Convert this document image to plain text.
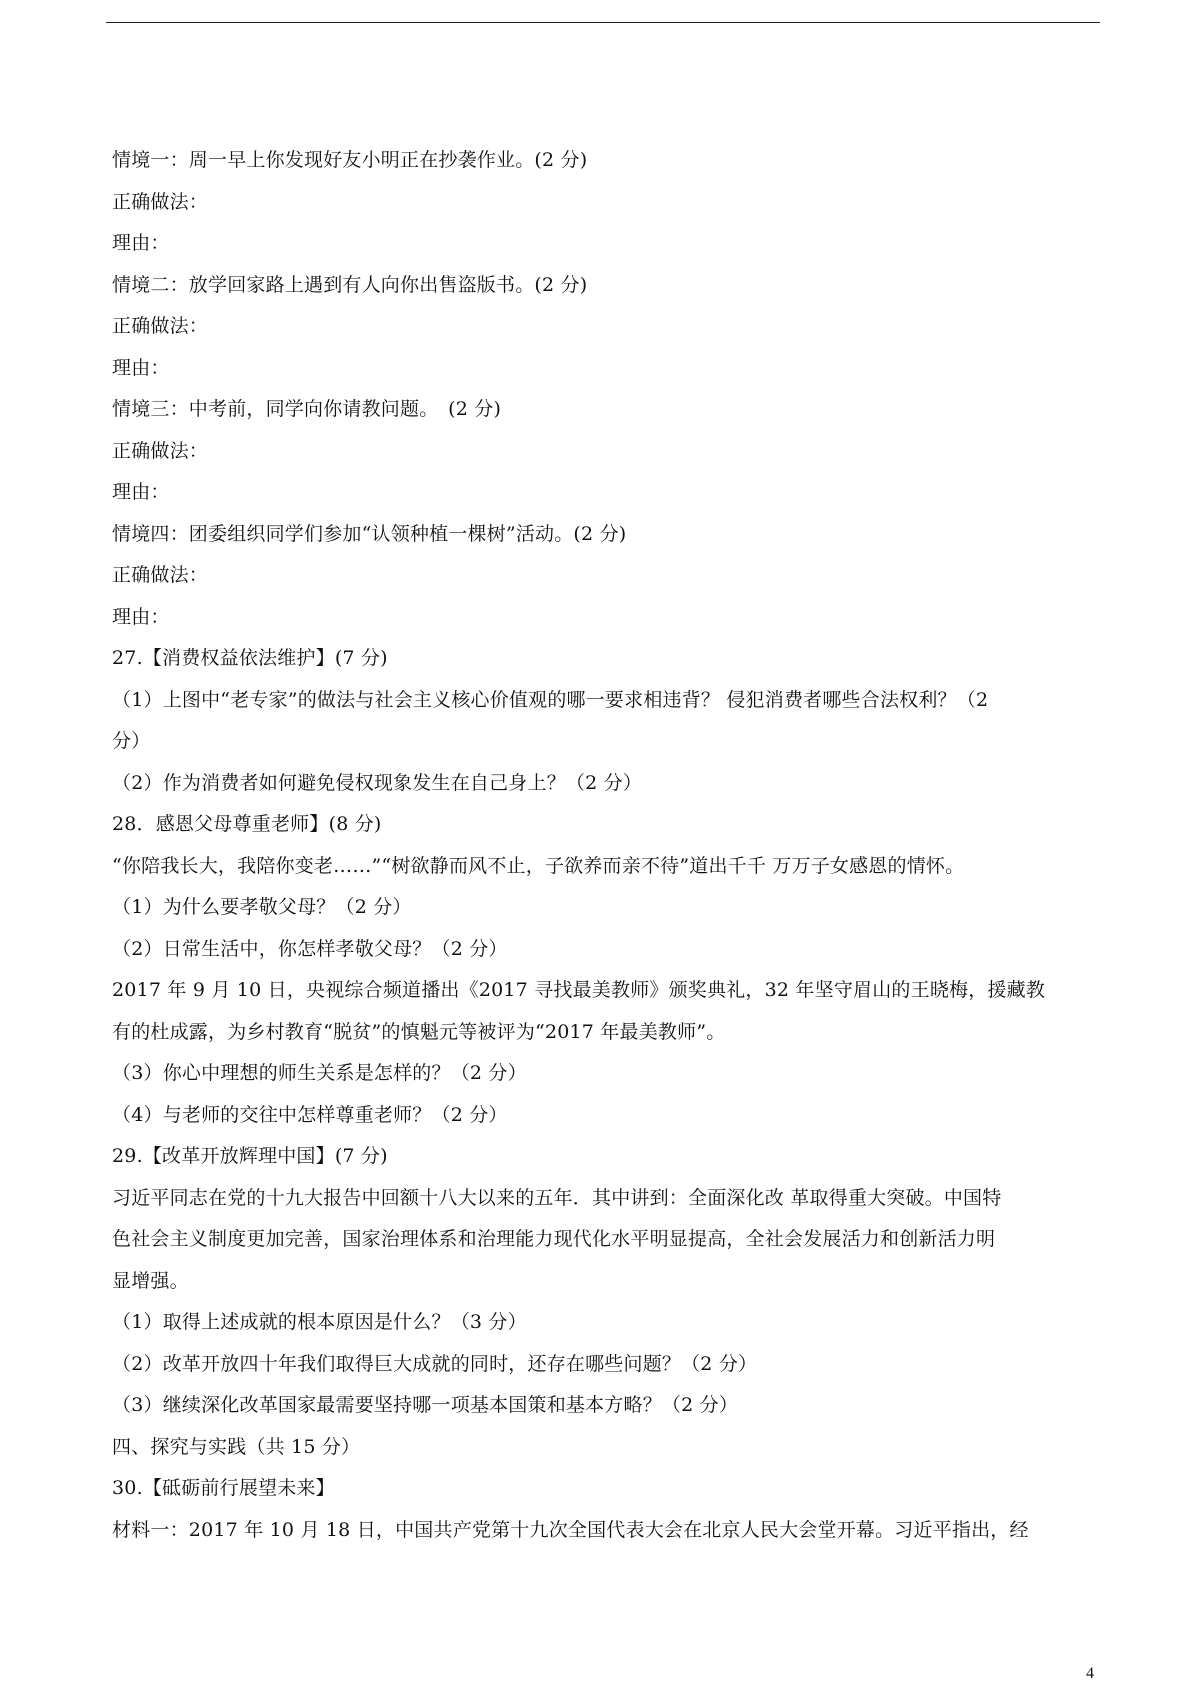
情境一：周一早上你发现好友小明正在抄袭作业。(2 分)
正确做法：
理由：
情境二：放学回家路上遇到有人向你出售盗版书。(2 分)
正确做法：
理由：
情境三：中考前，同学向你请教问题。　(2 分)
正确做法：
理由：
情境四：团委组织同学们参加“认领种植一棵树”活动。(2 分)
正确做法：
理由：
27.【消费权益依法维护】(7 分)
（1）上图中“老专家”的做法与社会主义核心价值观的哪一要求相违背？ 侵犯消费者哪些合法权利？（2
分）
（2）作为消费者如何避免侵权现象发生在自己身上？（2 分）
28．感恩父母尊重老师】(8 分)
“你陪我长大，我陪你变老……”“树欲静而风不止，子欲养而亲不待”道出千千 万万子女感恩的情怀。
（1）为什么要孝敬父母？（2 分）
（2）日常生活中，你怎样孝敬父母？（2 分）
2017 年 9 月 10 日，央视综合频道播出《2017 寻找最美教师》颁奖典礼，32 年坚守眉山的王晓梅，援藏教
有的杜成露，为乡村教育“脱贫”的慎魁元等被评为“2017 年最美教师”。
（3）你心中理想的师生关系是怎样的？（2 分）
（4）与老师的交往中怎样尊重老师？（2 分）
29.【改革开放辉理中国】(7 分)
习近平同志在党的十九大报告中回额十八大以来的五年．其中讲到：全面深化改 革取得重大突破。中国特
色社会主义制度更加完善，国家治理体系和治理能力现代化水平明显提高，全社会发展活力和创新活力明
显增强。
（1）取得上述成就的根本原因是什么？（3 分）
（2）改革开放四十年我们取得巨大成就的同时，还存在哪些问题？（2 分）
（3）继续深化改革国家最需要坚持哪一项基本国策和基本方略？（2 分）
四、探究与实践（共 15 分）
30.【砥砺前行展望未来】
材料一：2017 年 10 月 18 日，中国共产党第十九次全国代表大会在北京人民大会堂开幕。习近平指出，经
4
